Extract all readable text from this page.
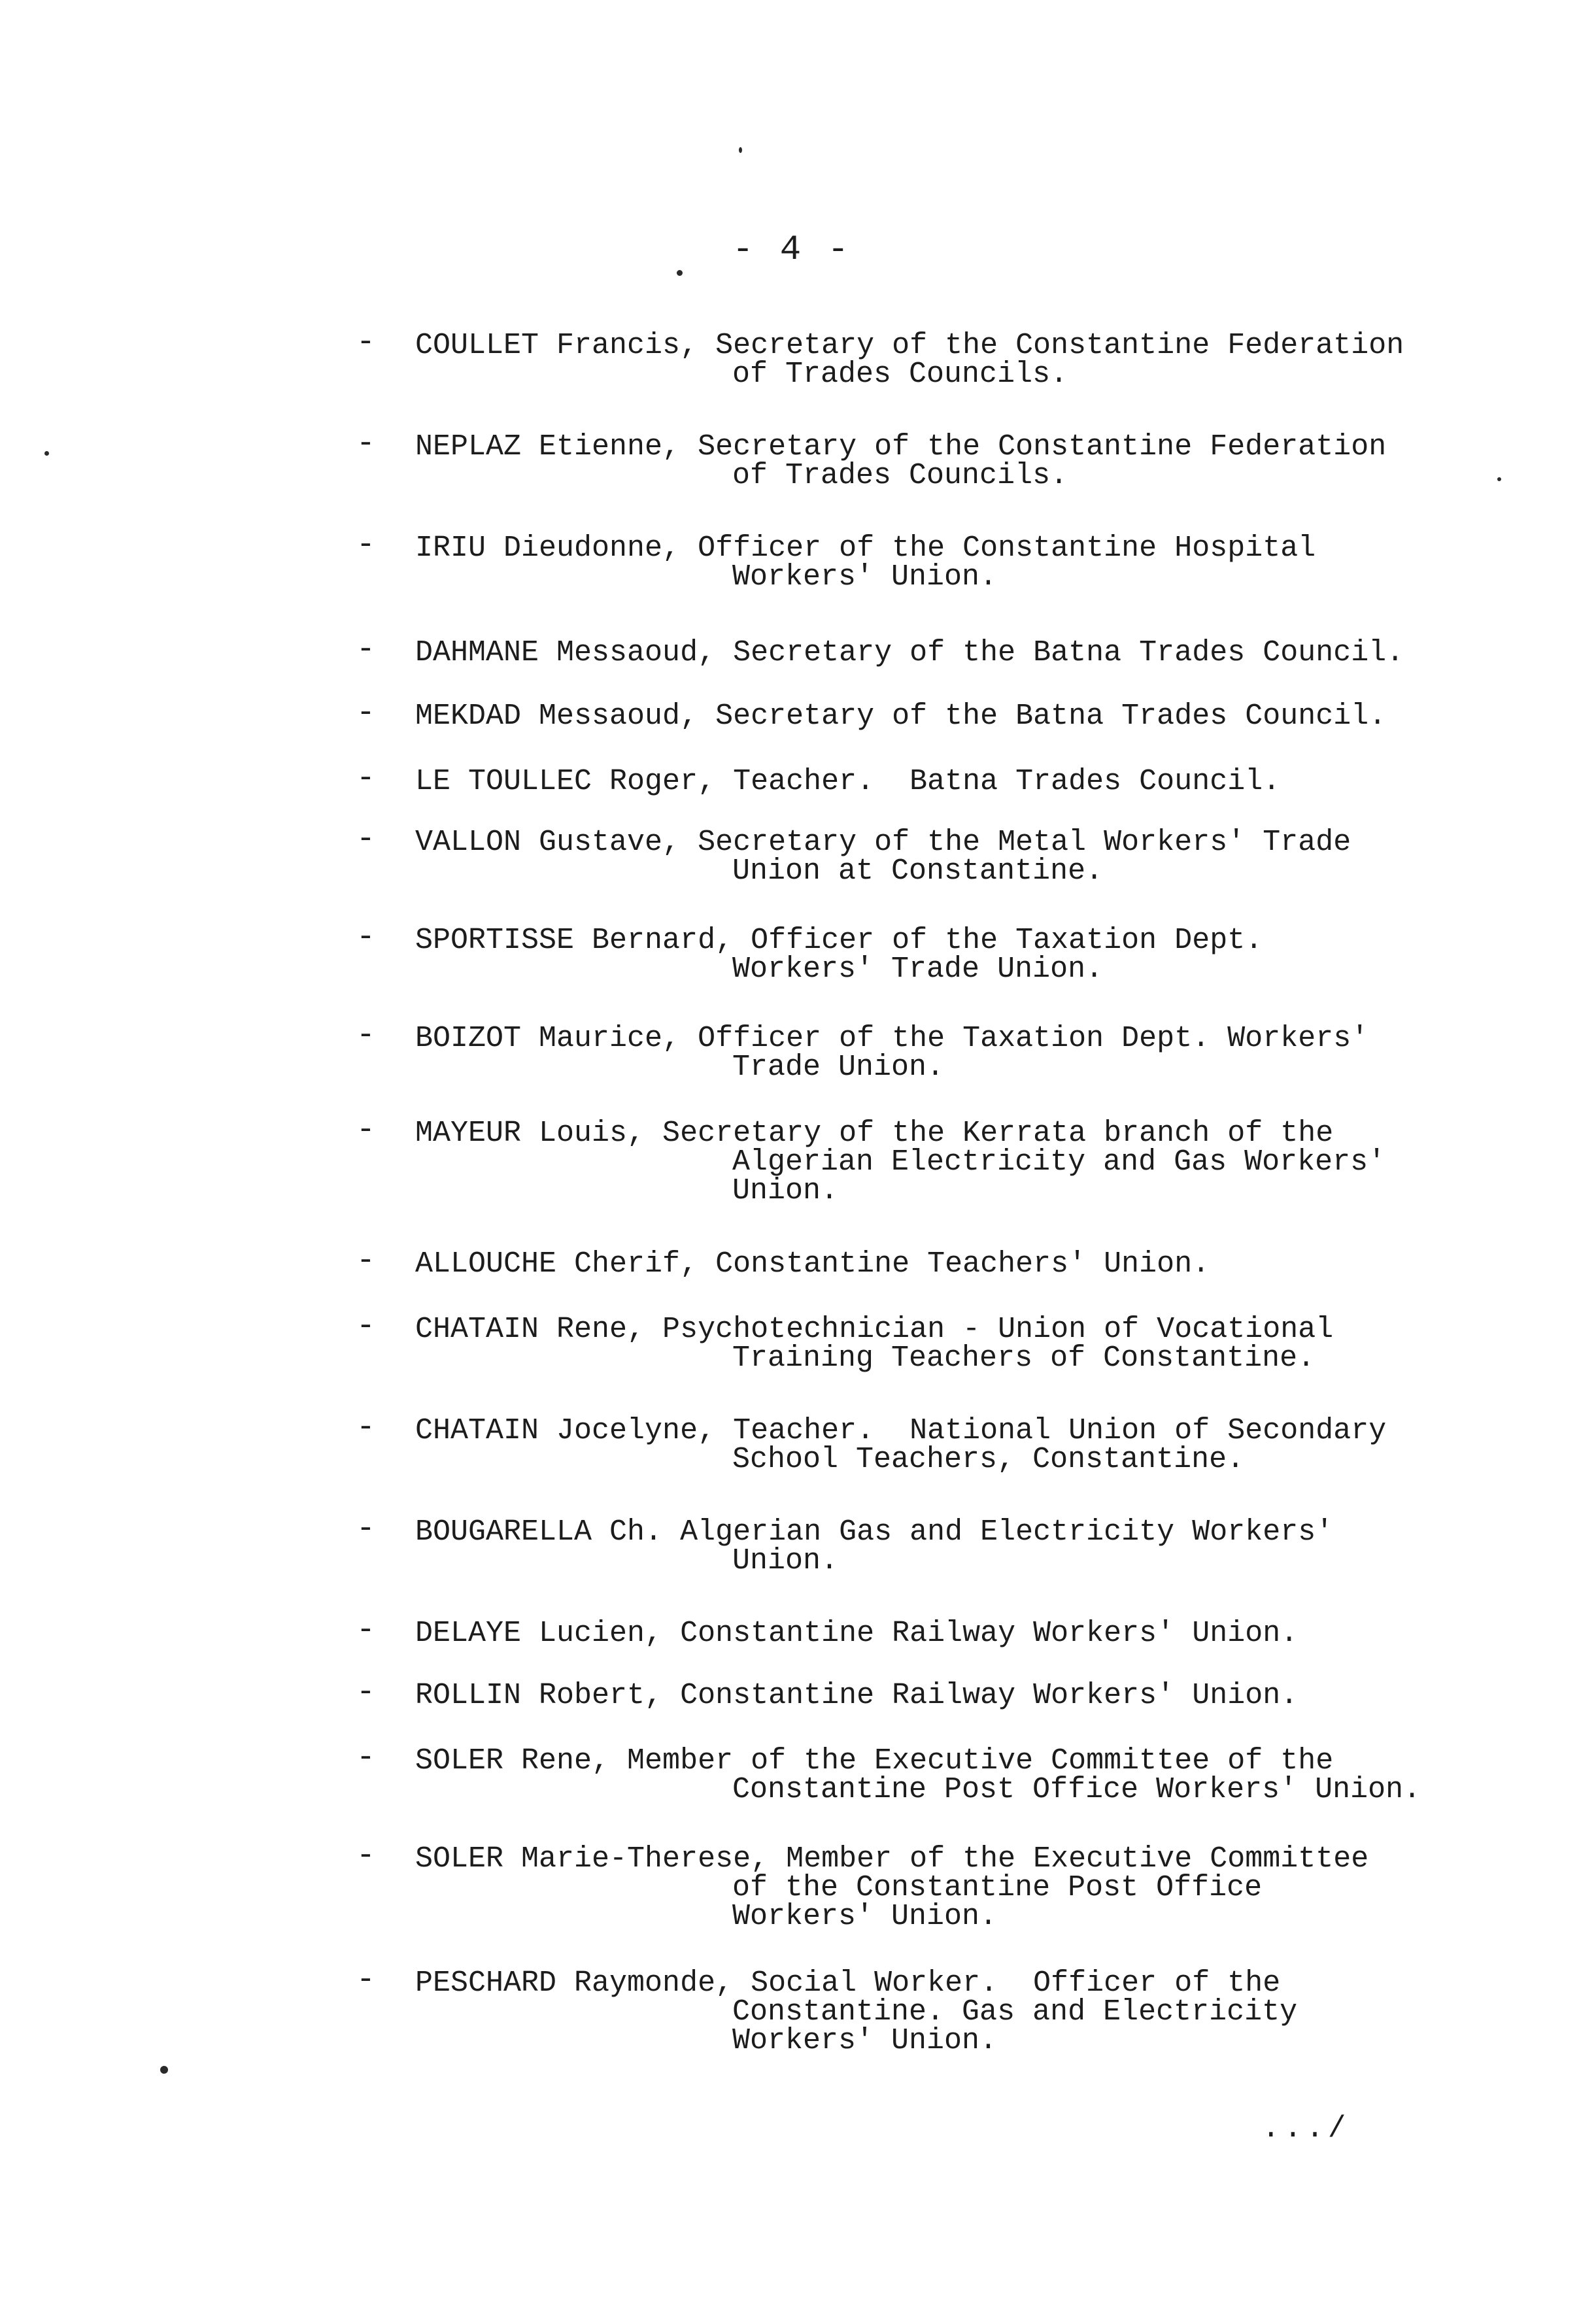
- 4 -
- COULLET Francis, Secretary of the Constantine Federation
of Trades Councils.
- NEPLAZ Etienne, Secretary of the Constantine Federation
of Trades Councils.
- IRIU Dieudonne, Officer of the Constantine Hospital
Workers' Union.
- DAHMANE Messaoud, Secretary of the Batna Trades Council.
- MEKDAD Messaoud, Secretary of the Batna Trades Council.
- LE TOULLEC Roger, Teacher.  Batna Trades Council.
- VALLON Gustave, Secretary of the Metal Workers' Trade
Union at Constantine.
- SPORTISSE Bernard, Officer of the Taxation Dept.
Workers' Trade Union.
- BOIZOT Maurice, Officer of the Taxation Dept. Workers'
Trade Union.
- MAYEUR Louis, Secretary of the Kerrata branch of the
Algerian Electricity and Gas Workers'
Union.
- ALLOUCHE Cherif, Constantine Teachers' Union.
- CHATAIN Rene, Psychotechnician - Union of Vocational
Training Teachers of Constantine.
- CHATAIN Jocelyne, Teacher.  National Union of Secondary
School Teachers, Constantine.
- BOUGARELLA Ch. Algerian Gas and Electricity Workers'
Union.
- DELAYE Lucien, Constantine Railway Workers' Union.
- ROLLIN Robert, Constantine Railway Workers' Union.
- SOLER Rene, Member of the Executive Committee of the
Constantine Post Office Workers' Union.
- SOLER Marie-Therese, Member of the Executive Committee
of the Constantine Post Office
Workers' Union.
- PESCHARD Raymonde, Social Worker.  Officer of the
Constantine. Gas and Electricity
Workers' Union.
.../
